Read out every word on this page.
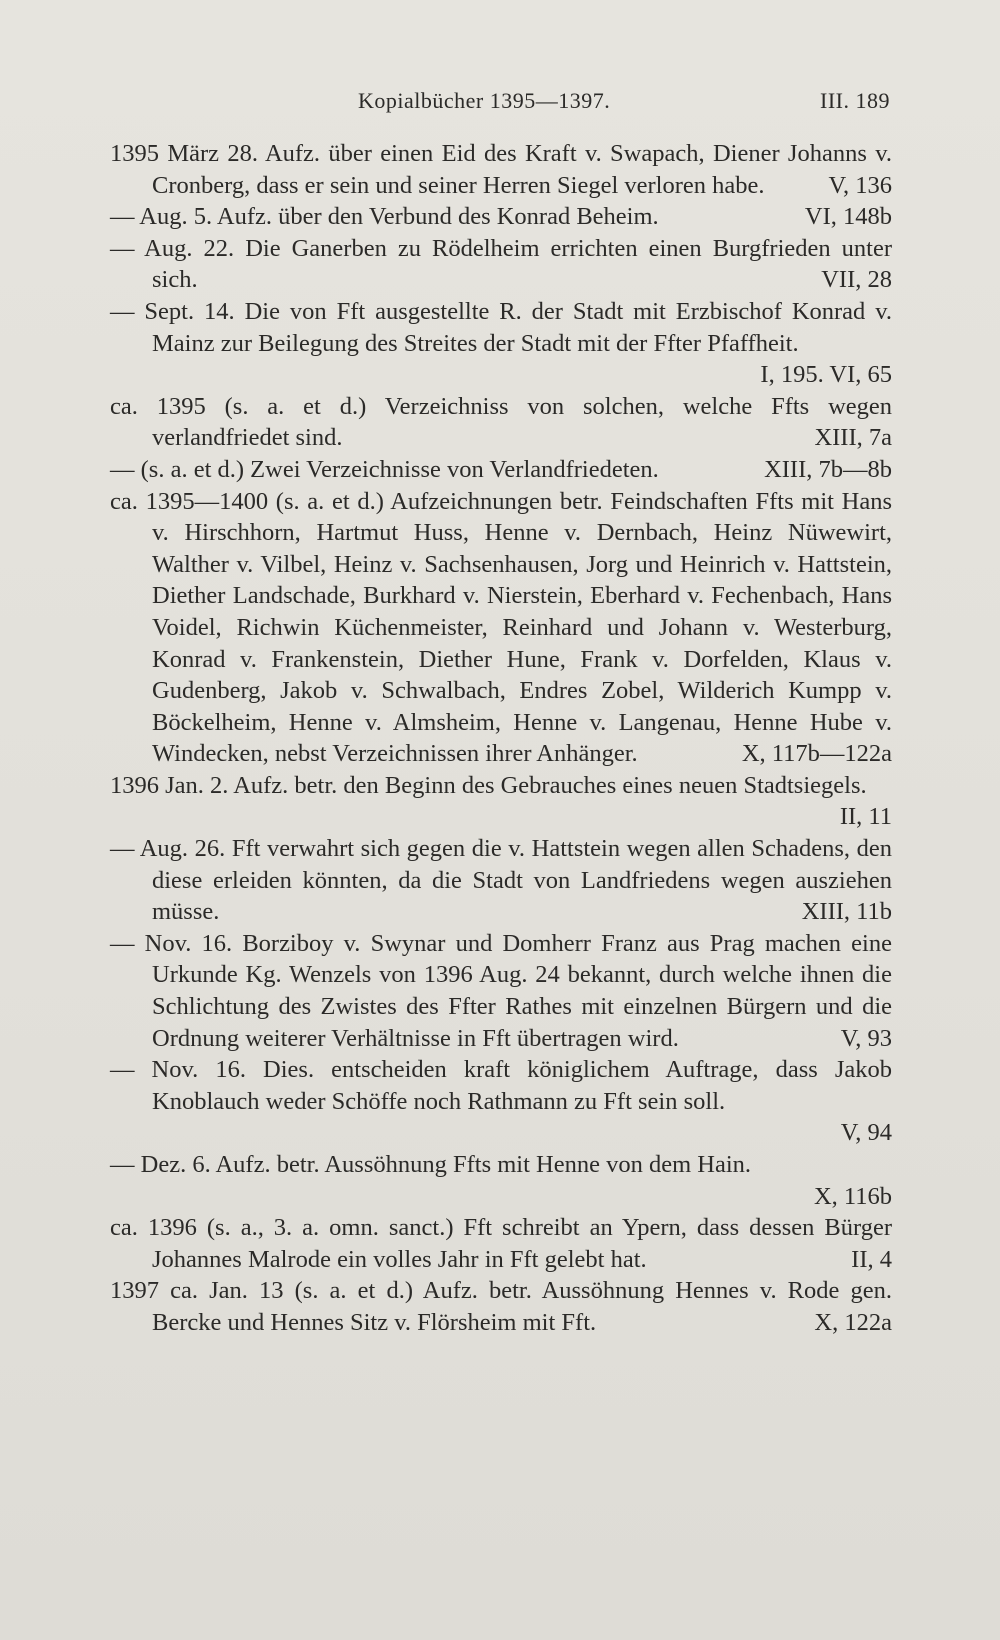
Kopialbücher 1395—1397.	III. 189
1395 März 28. Aufz. über einen Eid des Kraft v. Swapach, Diener Johanns v. Cronberg, dass er sein und seiner Herren Siegel verloren habe.	V, 136
— Aug. 5. Aufz. über den Verbund des Konrad Beheim.	VI, 148b
— Aug. 22. Die Ganerben zu Rödelheim errichten einen Burgfrieden unter sich.	VII, 28
— Sept. 14. Die von Fft ausgestellte R. der Stadt mit Erzbischof Konrad v. Mainz zur Beilegung des Streites der Stadt mit der Ffter Pfaffheit.
I, 195. VI, 65
ca. 1395 (s. a. et d.) Verzeichniss von solchen, welche Ffts wegen verlandfriedet sind.	XIII, 7a
— (s. a. et d.) Zwei Verzeichnisse von Verlandfriedeten.	XIII, 7b—8b
ca. 1395—1400 (s. a. et d.) Aufzeichnungen betr. Feindschaften Ffts mit Hans v. Hirschhorn, Hartmut Huss, Henne v. Dernbach, Heinz Nüwewirt, Walther v. Vilbel, Heinz v. Sachsenhausen, Jorg und Heinrich v. Hattstein, Diether Landschade, Burkhard v. Nierstein, Eberhard v. Fechenbach, Hans Voidel, Richwin Küchenmeister, Reinhard und Johann v. Westerburg, Konrad v. Frankenstein, Diether Hune, Frank v. Dorfelden, Klaus v. Gudenberg, Jakob v. Schwalbach, Endres Zobel, Wilderich Kumpp v. Böckelheim, Henne v. Almsheim, Henne v. Langenau, Henne Hube v. Windecken, nebst Verzeichnissen ihrer Anhänger.	X, 117b—122a
1396 Jan. 2. Aufz. betr. den Beginn des Gebrauches eines neuen Stadtsiegels.
II, 11
— Aug. 26. Fft verwahrt sich gegen die v. Hattstein wegen allen Schadens, den diese erleiden könnten, da die Stadt von Landfriedens wegen ausziehen müsse.	XIII, 11b
— Nov. 16. Borziboy v. Swynar und Domherr Franz aus Prag machen eine Urkunde Kg. Wenzels von 1396 Aug. 24 bekannt, durch welche ihnen die Schlichtung des Zwistes des Ffter Rathes mit einzelnen Bürgern und die Ordnung weiterer Verhältnisse in Fft übertragen wird.	V, 93
— Nov. 16. Dies. entscheiden kraft königlichem Auftrage, dass Jakob Knoblauch weder Schöffe noch Rathmann zu Fft sein soll.
V, 94
— Dez. 6. Aufz. betr. Aussöhnung Ffts mit Henne von dem Hain.
X, 116b
ca. 1396 (s. a., 3. a. omn. sanct.) Fft schreibt an Ypern, dass dessen Bürger Johannes Malrode ein volles Jahr in Fft gelebt hat.	II, 4
1397 ca. Jan. 13 (s. a. et d.) Aufz. betr. Aussöhnung Hennes v. Rode gen. Bercke und Hennes Sitz v. Flörsheim mit Fft.	X, 122a
